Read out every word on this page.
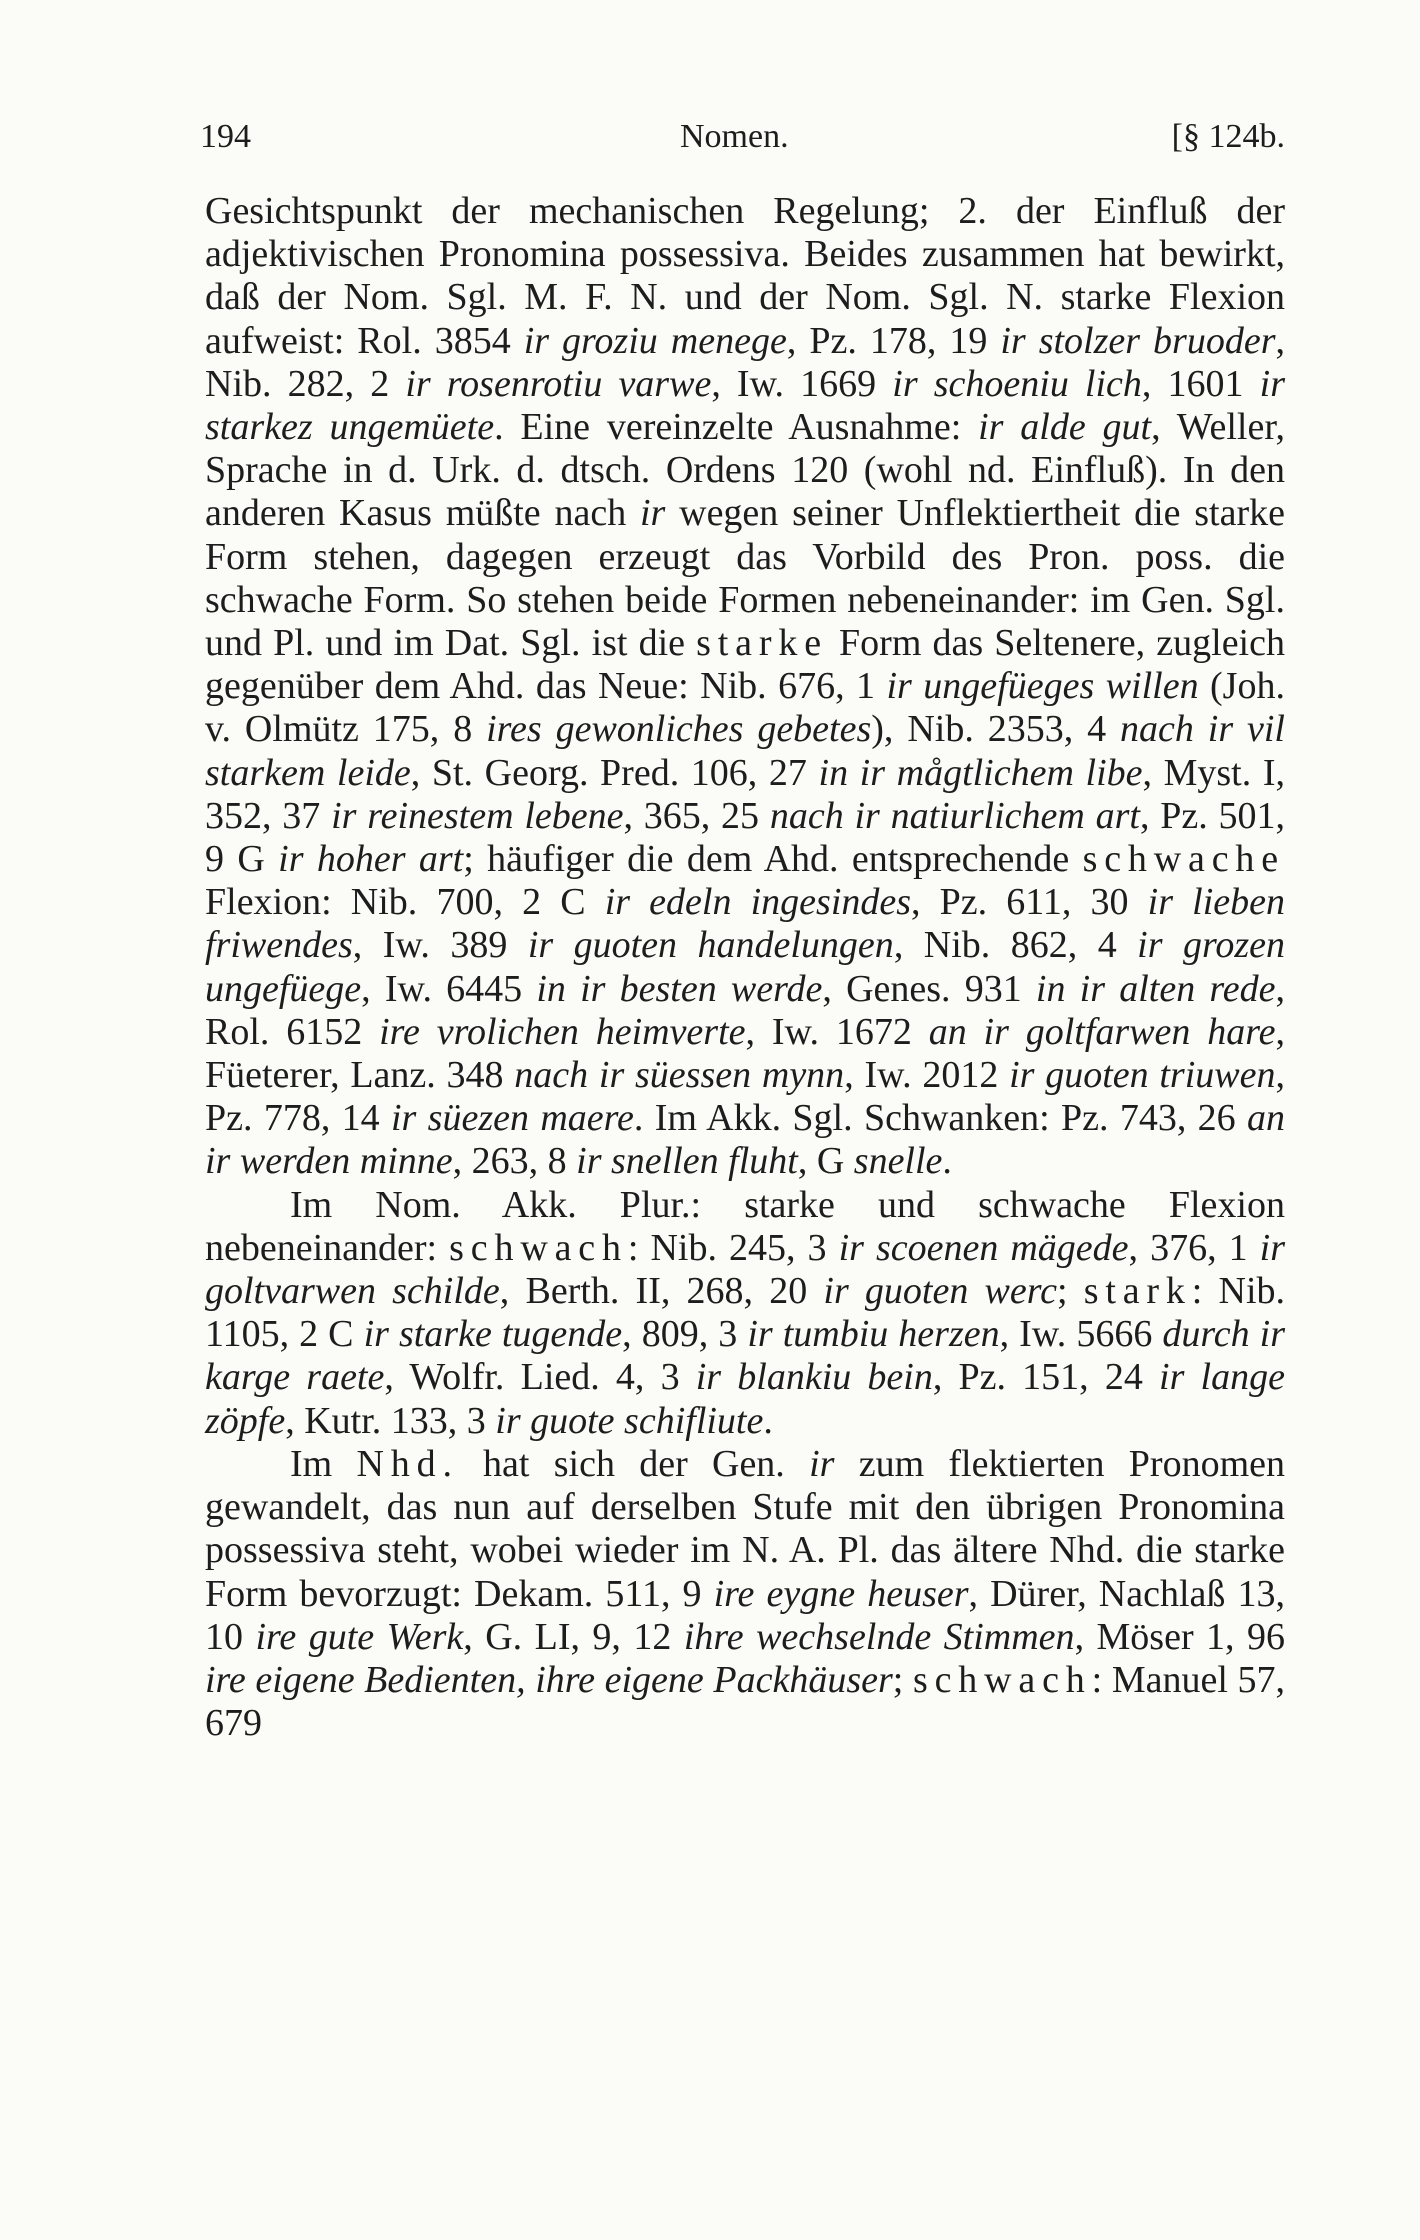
194	Nomen.	[§ 124b.

Gesichtspunkt der mechanischen Regelung; 2. der Einfluß der adjektivischen Pronomina possessiva. Beides zusammen hat bewirkt, daß der Nom. Sgl. M. F. N. und der Nom. Sgl. N. starke Flexion aufweist: Rol. 3854 ir groziu menege, Pz. 178, 19 ir stolzer bruoder, Nib. 282, 2 ir rosenrotiu varwe, Iw. 1669 ir schoeniu lich, 1601 ir starkez ungemüete. Eine vereinzelte Ausnahme: ir alde gut, Weller, Sprache in d. Urk. d. dtsch. Ordens 120 (wohl nd. Einfluß). In den anderen Kasus müßte nach ir wegen seiner Unflektiertheit die starke Form stehen, dagegen erzeugt das Vorbild des Pron. poss. die schwache Form. So stehen beide Formen nebeneinander: im Gen. Sgl. und Pl. und im Dat. Sgl. ist die starke Form das Seltenere, zugleich gegenüber dem Ahd. das Neue: Nib. 676, 1 ir ungefüeges willen (Joh. v. Olmütz 175, 8 ires gewonliches gebetes), Nib. 2353, 4 nach ir vil starkem leide, St. Georg. Pred. 106, 27 in ir mågtlichem libe, Myst. I, 352, 37 ir reinestem lebene, 365, 25 nach ir natiurlichem art, Pz. 501, 9 G ir hoher art; häufiger die dem Ahd. entsprechende schwache Flexion: Nib. 700, 2 C ir edeln ingesindes, Pz. 611, 30 ir lieben friwendes, Iw. 389 ir guoten handelungen, Nib. 862, 4 ir grozen ungefüege, Iw. 6445 in ir besten werde, Genes. 931 in ir alten rede, Rol. 6152 ire vrolichen heimverte, Iw. 1672 an ir goltfarwen hare, Füeterer, Lanz. 348 nach ir süessen mynn, Iw. 2012 ir guoten triuwen, Pz. 778, 14 ir süezen maere. Im Akk. Sgl. Schwanken: Pz. 743, 26 an ir werden minne, 263, 8 ir snellen fluht, G snelle.

Im Nom. Akk. Plur.: starke und schwache Flexion nebeneinander: schwach: Nib. 245, 3 ir scoenen mägede, 376, 1 ir goltvarwen schilde, Berth. II, 268, 20 ir guoten werc; stark: Nib. 1105, 2 C ir starke tugende, 809, 3 ir tumbiu herzen, Iw. 5666 durch ir karge raete, Wolfr. Lied. 4, 3 ir blankiu bein, Pz. 151, 24 ir lange zöpfe, Kutr. 133, 3 ir guote schifliute.

Im Nhd. hat sich der Gen. ir zum flektierten Pronomen gewandelt, das nun auf derselben Stufe mit den übrigen Pronomina possessiva steht, wobei wieder im N. A. Pl. das ältere Nhd. die starke Form bevorzugt: Dekam. 511, 9 ire eygne heuser, Dürer, Nachlaß 13, 10 ire gute Werk, G. LI, 9, 12 ihre wechselnde Stimmen, Möser 1, 96 ire eigene Bedienten, ihre eigene Packhäuser; schwach: Manuel 57, 679
